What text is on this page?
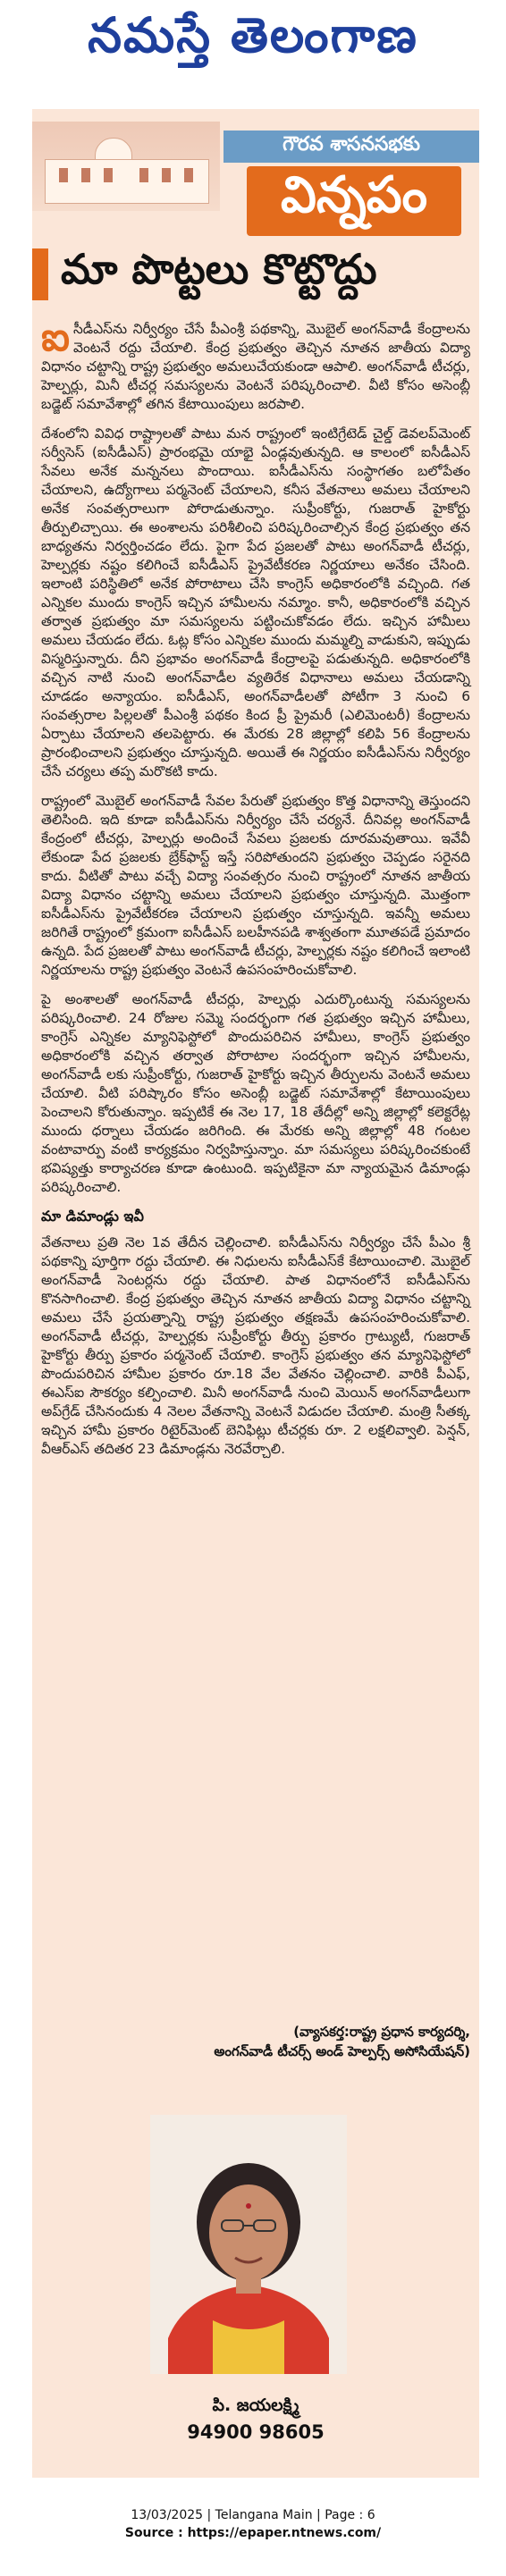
నమస్తే తెలంగాణ
గౌరవ శాసనసభకు
విన్నపం
మా పొట్టలు కొట్టొద్దు

ఐసీడీఎస్‌ను నిర్వీర్యం చేసే పీఎంశ్రీ పథకాన్ని, మొబైల్ అంగన్‌వాడీ కేంద్రాలను వెంటనే రద్దు చేయాలి. కేంద్ర ప్రభుత్వం తెచ్చిన నూతన జాతీయ విద్యా విధానం చట్టాన్ని రాష్ట్ర ప్రభుత్వం అమలుచేయకుండా ఆపాలి. అంగన్‌వాడీ టీచర్లు, హెల్పర్లు, మినీ టీచర్ల సమస్యలను వెంటనే పరిష్కరించాలి. వీటి కోసం అసెంబ్లీ బడ్జెట్ సమావేశాల్లో తగిన కేటాయింపులు జరపాలి.

దేశంలోని వివిధ రాష్ట్రాలతో పాటు మన రాష్ట్రంలో ఇంటిగ్రేటెడ్ చైల్డ్ డెవలప్‌మెంట్ సర్వీసెస్ (ఐసీడీఎస్) ప్రారంభమై యాభై ఏండ్లవుతున్నది. ఆ కాలంలో ఐసీడీఎస్ సేవలు అనేక మన్ననలు పొందాయి. ఐసీడీఎస్‌ను సంస్థాగతం బలోపేతం చేయాలని, ఉద్యోగాలు పర్మనెంట్ చేయాలని, కనీస వేతనాలు అమలు చేయాలని అనేక సంవత్సరాలుగా పోరాడుతున్నాం. సుప్రీంకోర్టు, గుజరాత్ హైకోర్టు తీర్పులిచ్చాయి. ఈ అంశాలను పరిశీలించి పరిష్కరించాల్సిన కేంద్ర ప్రభుత్వం తన బాధ్యతను నిర్వర్తించడం లేదు. పైగా పేద ప్రజలతో పాటు అంగన్‌వాడీ టీచర్లు, హెల్పర్లకు నష్టం కలిగించే ఐసీడీఎస్ ప్రైవేటీకరణ నిర్ణయాలు అనేకం చేసింది. ఇలాంటి పరిస్థితిలో అనేక పోరాటాలు చేసి కాంగ్రెస్ అధికారంలోకి వచ్చింది. గత ఎన్నికల ముందు కాంగ్రెస్ ఇచ్చిన హామీలను నమ్మాం. కానీ, అధికారంలోకి వచ్చిన తర్వాత ప్రభుత్వం మా సమస్యలను పట్టించుకోవడం లేదు. ఇచ్చిన హామీలు అమలు చేయడం లేదు. ఓట్ల కోసం ఎన్నికల ముందు మమ్మల్ని వాడుకుని, ఇప్పుడు విస్మరిస్తున్నారు. దీని ప్రభావం అంగన్‌వాడీ కేంద్రాలపై పడుతున్నది. అధికారంలోకి వచ్చిన నాటి నుంచి అంగన్‌వాడీల వ్యతిరేక విధానాలు అమలు చేయడాన్ని చూడడం అన్యాయం. ఐసీడీఎస్, అంగన్‌వాడీలతో పోటీగా 3 నుంచి 6 సంవత్సరాల పిల్లలతో పీఎంశ్రీ పథకం కింద ప్రీ ప్రైమరీ (ఎలిమెంటరీ) కేంద్రాలను ఏర్పాటు చేయాలని తలపెట్టారు. ఈ మేరకు 28 జిల్లాల్లో కలిపి 56 కేంద్రాలను ప్రారంభించాలని ప్రభుత్వం చూస్తున్నది. అయితే ఈ నిర్ణయం ఐసీడీఎస్‌ను నిర్వీర్యం చేసే చర్యలు తప్ప మరొకటి కాదు.

రాష్ట్రంలో మొబైల్ అంగన్‌వాడీ సేవల పేరుతో ప్రభుత్వం కొత్త విధానాన్ని తెస్తుందని తెలిసింది. ఇది కూడా ఐసీడీఎస్‌ను నిర్వీర్యం చేసే చర్యనే. దీనివల్ల అంగన్‌వాడీ కేంద్రంలో టీచర్లు, హెల్పర్లు అందించే సేవలు ప్రజలకు దూరమవుతాయి. ఇవేవీ లేకుండా పేద ప్రజలకు బ్రేక్‌ఫాస్ట్ ఇస్తే సరిపోతుందని ప్రభుత్వం చెప్పడం సరైనది కాదు. వీటితో పాటు వచ్చే విద్యా సంవత్సరం నుంచి రాష్ట్రంలో నూతన జాతీయ విద్యా విధానం చట్టాన్ని అమలు చేయాలని ప్రభుత్వం చూస్తున్నది. మొత్తంగా ఐసీడీఎస్‌ను ప్రైవేటీకరణ చేయాలని ప్రభుత్వం చూస్తున్నది. ఇవన్నీ అమలు జరిగితే రాష్ట్రంలో క్రమంగా ఐసీడీఎస్ బలహీనపడి శాశ్వతంగా మూతపడే ప్రమాదం ఉన్నది. పేద ప్రజలతో పాటు అంగన్‌వాడీ టీచర్లు, హెల్పర్లకు నష్టం కలిగించే ఇలాంటి నిర్ణయాలను రాష్ట్ర ప్రభుత్వం వెంటనే ఉపసంహరించుకోవాలి.

పై అంశాలతో అంగన్‌వాడీ టీచర్లు, హెల్పర్లు ఎదుర్కొంటున్న సమస్యలను పరిష్కరించాలి. 24 రోజుల సమ్మె సందర్భంగా గత ప్రభుత్వం ఇచ్చిన హామీలు, కాంగ్రెస్ ఎన్నికల మ్యానిఫెస్టోలో పొందుపరిచిన హామీలు, కాంగ్రెస్ ప్రభుత్వం అధికారంలోకి వచ్చిన తర్వాత పోరాటాల సందర్భంగా ఇచ్చిన హామీలను, అంగన్‌వాడీ లకు సుప్రీంకోర్టు, గుజరాత్ హైకోర్టు ఇచ్చిన తీర్పులను వెంటనే అమలు చేయాలి. వీటి పరిష్కారం కోసం అసెంబ్లీ బడ్జెట్ సమావేశాల్లో కేటాయింపులు పెంచాలని కోరుతున్నాం. ఇప్పటికే ఈ నెల 17, 18 తేదీల్లో అన్ని జిల్లాల్లో కలెక్టరేట్ల ముందు ధర్నాలు చేయడం జరిగింది. ఈ మేరకు అన్ని జిల్లాల్లో 48 గంటల వంటావార్పు వంటి కార్యక్రమం నిర్వహిస్తున్నాం. మా సమస్యలు పరిష్కరించకుంటే భవిష్యత్తు కార్యాచరణ కూడా ఉంటుంది. ఇప్పటికైనా మా న్యాయమైన డిమాండ్లు పరిష్కరించాలి.

మా డిమాండ్లు ఇవీ

వేతనాలు ప్రతి నెల 1వ తేదీన చెల్లించాలి. ఐసీడీఎస్‌ను నిర్వీర్యం చేసే పీఎం శ్రీ పథకాన్ని పూర్తిగా రద్దు చేయాలి. ఈ నిధులను ఐసీడీఎస్‌కే కేటాయించాలి. మొబైల్ అంగన్‌వాడీ సెంటర్లను రద్దు చేయాలి. పాత విధానంలోనే ఐసీడీఎస్‌ను కొనసాగించాలి. కేంద్ర ప్రభుత్వం తెచ్చిన నూతన జాతీయ విద్యా విధానం చట్టాన్ని అమలు చేసే ప్రయత్నాన్ని రాష్ట్ర ప్రభుత్వం తక్షణమే ఉపసంహరించుకోవాలి. అంగన్‌వాడీ టీచర్లు, హెల్పర్లకు సుప్రీంకోర్టు తీర్పు ప్రకారం గ్రాట్యుటీ, గుజరాత్ హైకోర్టు తీర్పు ప్రకారం పర్మనెంట్ చేయాలి. కాంగ్రెస్ ప్రభుత్వం తన మ్యానిఫెస్టోలో పొందుపరిచిన హామీల ప్రకారం రూ.18 వేల వేతనం చెల్లించాలి. వారికి పీఎఫ్, ఈఎస్ఐ సౌకర్యం కల్పించాలి. మినీ అంగన్‌వాడీ నుంచి మెయిన్ అంగన్‌వాడీలుగా అప్‌గ్రేడ్ చేసినందుకు 4 నెలల వేతనాన్ని వెంటనే విడుదల చేయాలి. మంత్రి సీతక్క ఇచ్చిన హామీ ప్రకారం రిటైర్‌మెంట్ బెనిఫిట్లు టీచర్లకు రూ. 2 లక్షలివ్వాలి. పెన్షన్, వీఆర్ఎస్ తదితర 23 డిమాండ్లను నెరవేర్చాలి.

(వ్యాసకర్త:రాష్ట్ర ప్రధాన కార్యదర్శి,
అంగన్‌వాడీ టీచర్స్ అండ్ హెల్పర్స్ అసోసియేషన్)
పి. జయలక్ష్మి
94900 98605
13/03/2025 | Telangana Main | Page : 6
Source : https://epaper.ntnews.com/
